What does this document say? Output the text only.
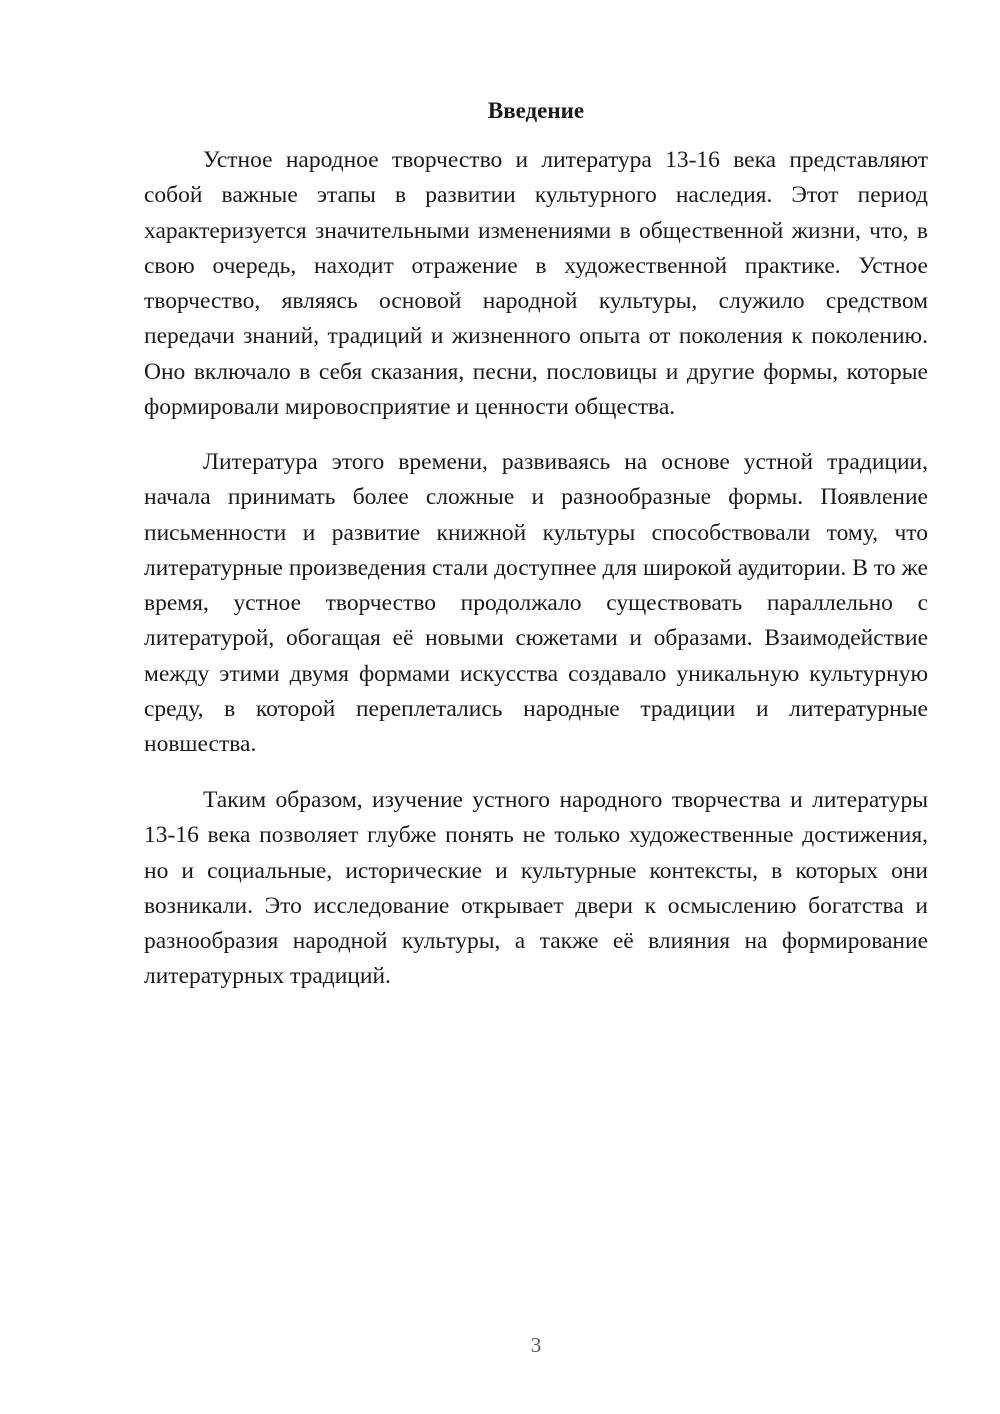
Введение

Устное народное творчество и литература 13-16 века представляют собой важные этапы в развитии культурного наследия. Этот период характеризуется значительными изменениями в общественной жизни, что, в свою очередь, находит отражение в художественной практике. Устное творчество, являясь основой народной культуры, служило средством передачи знаний, традиций и жизненного опыта от поколения к поколению. Оно включало в себя сказания, песни, пословицы и другие формы, которые формировали мировосприятие и ценности общества.

Литература этого времени, развиваясь на основе устной традиции, начала принимать более сложные и разнообразные формы. Появление письменности и развитие книжной культуры способствовали тому, что литературные произведения стали доступнее для широкой аудитории. В то же время, устное творчество продолжало существовать параллельно с литературой, обогащая её новыми сюжетами и образами. Взаимодействие между этими двумя формами искусства создавало уникальную культурную среду, в которой переплетались народные традиции и литературные новшества.

Таким образом, изучение устного народного творчества и литературы 13-16 века позволяет глубже понять не только художественные достижения, но и социальные, исторические и культурные контексты, в которых они возникали. Это исследование открывает двери к осмыслению богатства и разнообразия народной культуры, а также её влияния на формирование литературных традиций.

3
